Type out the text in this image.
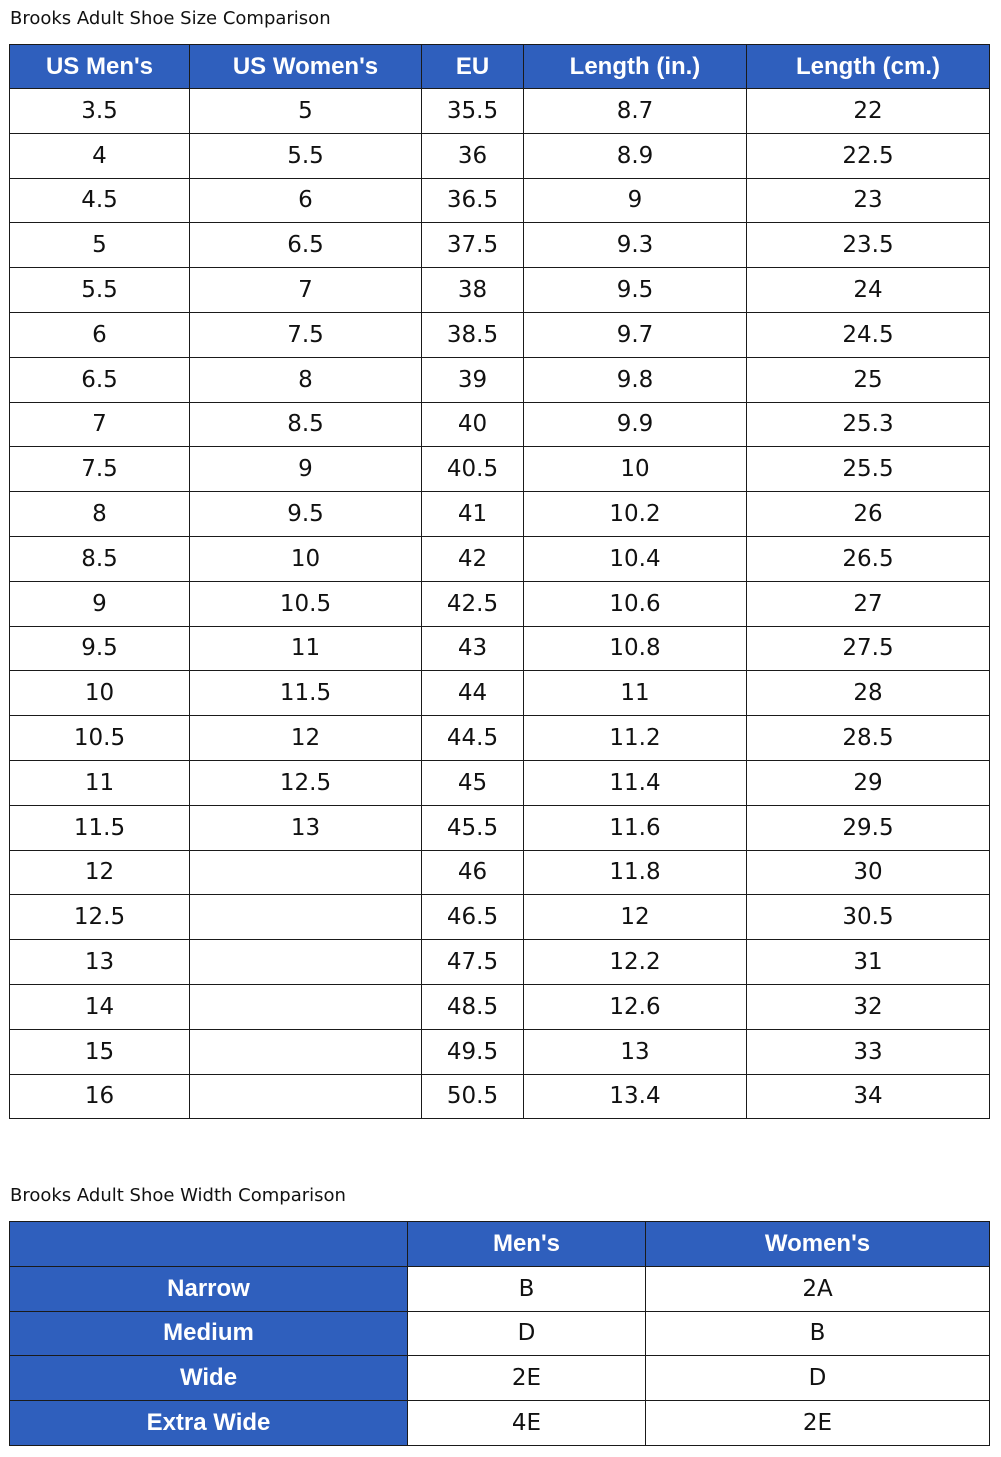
Brooks Adult Shoe Size Comparison
US Men's	US Women's	EU	Length (in.)	Length (cm.)
3.5	5	35.5	8.7	22
4	5.5	36	8.9	22.5
4.5	6	36.5	9	23
5	6.5	37.5	9.3	23.5
5.5	7	38	9.5	24
6	7.5	38.5	9.7	24.5
6.5	8	39	9.8	25
7	8.5	40	9.9	25.3
7.5	9	40.5	10	25.5
8	9.5	41	10.2	26
8.5	10	42	10.4	26.5
9	10.5	42.5	10.6	27
9.5	11	43	10.8	27.5
10	11.5	44	11	28
10.5	12	44.5	11.2	28.5
11	12.5	45	11.4	29
11.5	13	45.5	11.6	29.5
12		46	11.8	30
12.5		46.5	12	30.5
13		47.5	12.2	31
14		48.5	12.6	32
15		49.5	13	33
16		50.5	13.4	34
Brooks Adult Shoe Width Comparison
	Men's	Women's
Narrow	B	2A
Medium	D	B
Wide	2E	D
Extra Wide	4E	2E
